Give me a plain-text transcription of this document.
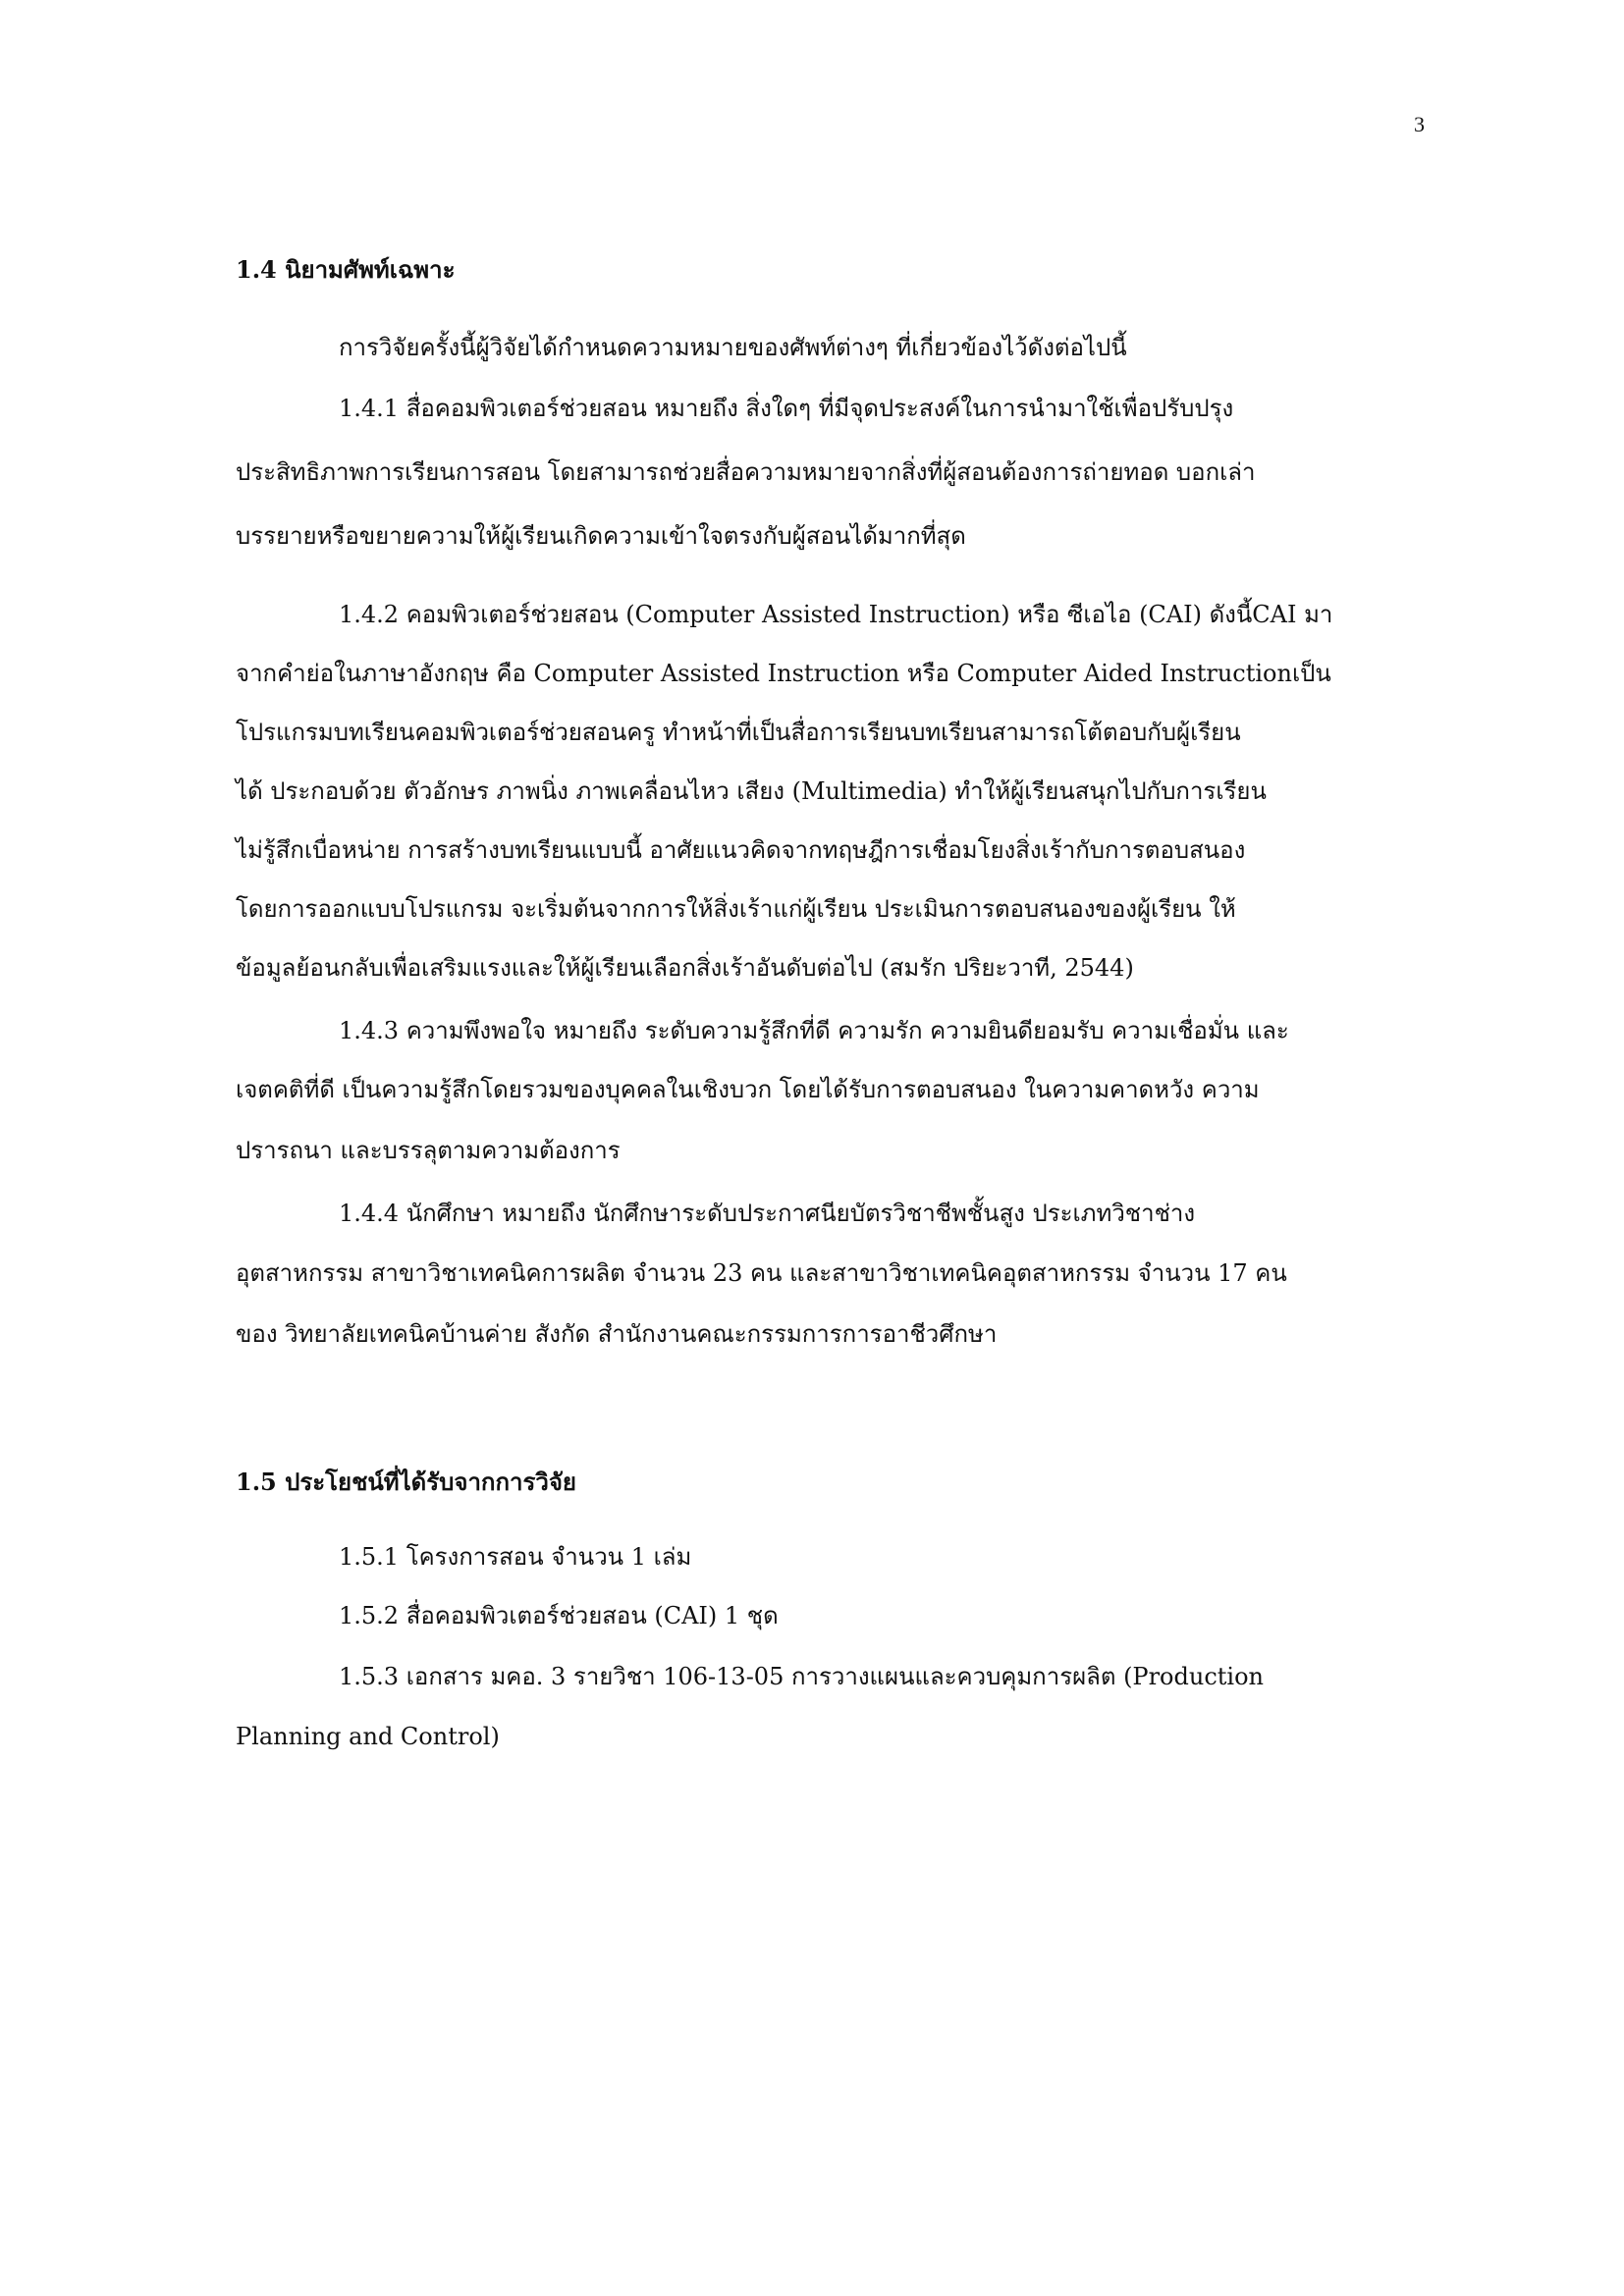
3
1.4 นิยามศัพท์เฉพาะ
การวิจัยครั้งนี้ผู้วิจัยได้กำหนดความหมายของศัพท์ต่างๆ ที่เกี่ยวข้องไว้ดังต่อไปนี้
1.4.1 สื่อคอมพิวเตอร์ช่วยสอน หมายถึง สิ่งใดๆ ที่มีจุดประสงค์ในการนำมาใช้เพื่อปรับปรุง
ประสิทธิภาพการเรียนการสอน โดยสามารถช่วยสื่อความหมายจากสิ่งที่ผู้สอนต้องการถ่ายทอด บอกเล่า
บรรยายหรือขยายความให้ผู้เรียนเกิดความเข้าใจตรงกับผู้สอนได้มากที่สุด
1.4.2 คอมพิวเตอร์ช่วยสอน (Computer Assisted Instruction) หรือ ซีเอไอ (CAI) ดังนี้CAI มา
จากคำย่อในภาษาอังกฤษ คือ Computer Assisted Instruction หรือ Computer Aided Instructionเป็น
โปรแกรมบทเรียนคอมพิวเตอร์ช่วยสอนครู ทำหน้าที่เป็นสื่อการเรียนบทเรียนสามารถโต้ตอบกับผู้เรียน
ได้ ประกอบด้วย ตัวอักษร ภาพนิ่ง ภาพเคลื่อนไหว เสียง (Multimedia) ทำให้ผู้เรียนสนุกไปกับการเรียน
ไม่รู้สึกเบื่อหน่าย การสร้างบทเรียนแบบนี้ อาศัยแนวคิดจากทฤษฎีการเชื่อมโยงสิ่งเร้ากับการตอบสนอง
โดยการออกแบบโปรแกรม จะเริ่มต้นจากการให้สิ่งเร้าแก่ผู้เรียน ประเมินการตอบสนองของผู้เรียน ให้
ข้อมูลย้อนกลับเพื่อเสริมแรงและให้ผู้เรียนเลือกสิ่งเร้าอันดับต่อไป (สมรัก ปริยะวาที, 2544)
1.4.3 ความพึงพอใจ หมายถึง ระดับความรู้สึกที่ดี ความรัก ความยินดียอมรับ ความเชื่อมั่น และ
เจตคติที่ดี เป็นความรู้สึกโดยรวมของบุคคลในเชิงบวก โดยได้รับการตอบสนอง ในความคาดหวัง ความ
ปรารถนา และบรรลุตามความต้องการ
1.4.4 นักศึกษา หมายถึง นักศึกษาระดับประกาศนียบัตรวิชาชีพชั้นสูง ประเภทวิชาช่าง
อุตสาหกรรม สาขาวิชาเทคนิคการผลิต จำนวน 23 คน และสาขาวิชาเทคนิคอุตสาหกรรม จำนวน 17 คน
ของ วิทยาลัยเทคนิคบ้านค่าย สังกัด สำนักงานคณะกรรมการการอาชีวศึกษา
1.5 ประโยชน์ที่ได้รับจากการวิจัย
1.5.1 โครงการสอน จำนวน 1 เล่ม
1.5.2 สื่อคอมพิวเตอร์ช่วยสอน (CAI) 1 ชุด
1.5.3 เอกสาร มคอ. 3 รายวิชา 106-13-05 การวางแผนและควบคุมการผลิต (Production
Planning and Control)
